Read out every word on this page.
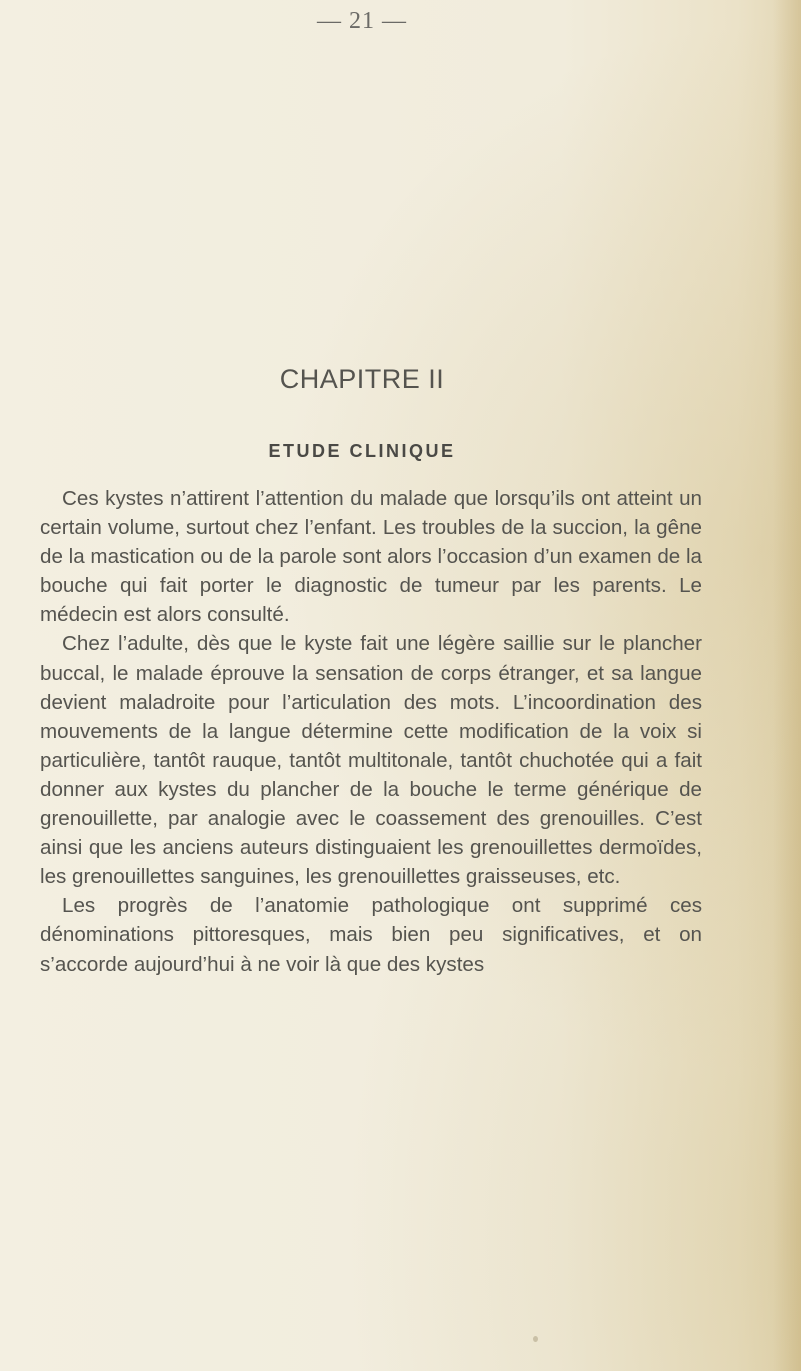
— 21 —
CHAPITRE II
ETUDE CLINIQUE

Ces kystes n’attirent l’attention du malade que lorsqu’ils ont atteint un certain volume, surtout chez l’enfant. Les troubles de la succion, la gêne de la mastication ou de la parole sont alors l’occasion d’un examen de la bouche qui fait porter le diagnostic de tumeur par les parents. Le médecin est alors consulté.

Chez l’adulte, dès que le kyste fait une légère saillie sur le plancher buccal, le malade éprouve la sensation de corps étranger, et sa langue devient maladroite pour l’articulation des mots. L’incoordination des mouvements de la langue détermine cette modification de la voix si particulière, tantôt rauque, tantôt multitonale, tantôt chuchotée qui a fait donner aux kystes du plancher de la bouche le terme générique de grenouillette, par analogie avec le coassement des grenouilles. C’est ainsi que les anciens auteurs distinguaient les grenouillettes dermoïdes, les grenouillettes sanguines, les grenouillettes graisseuses, etc.

Les progrès de l’anatomie pathologique ont supprimé ces dénominations pittoresques, mais bien peu significatives, et on s’accorde aujourd’hui à ne voir là que des kystes
